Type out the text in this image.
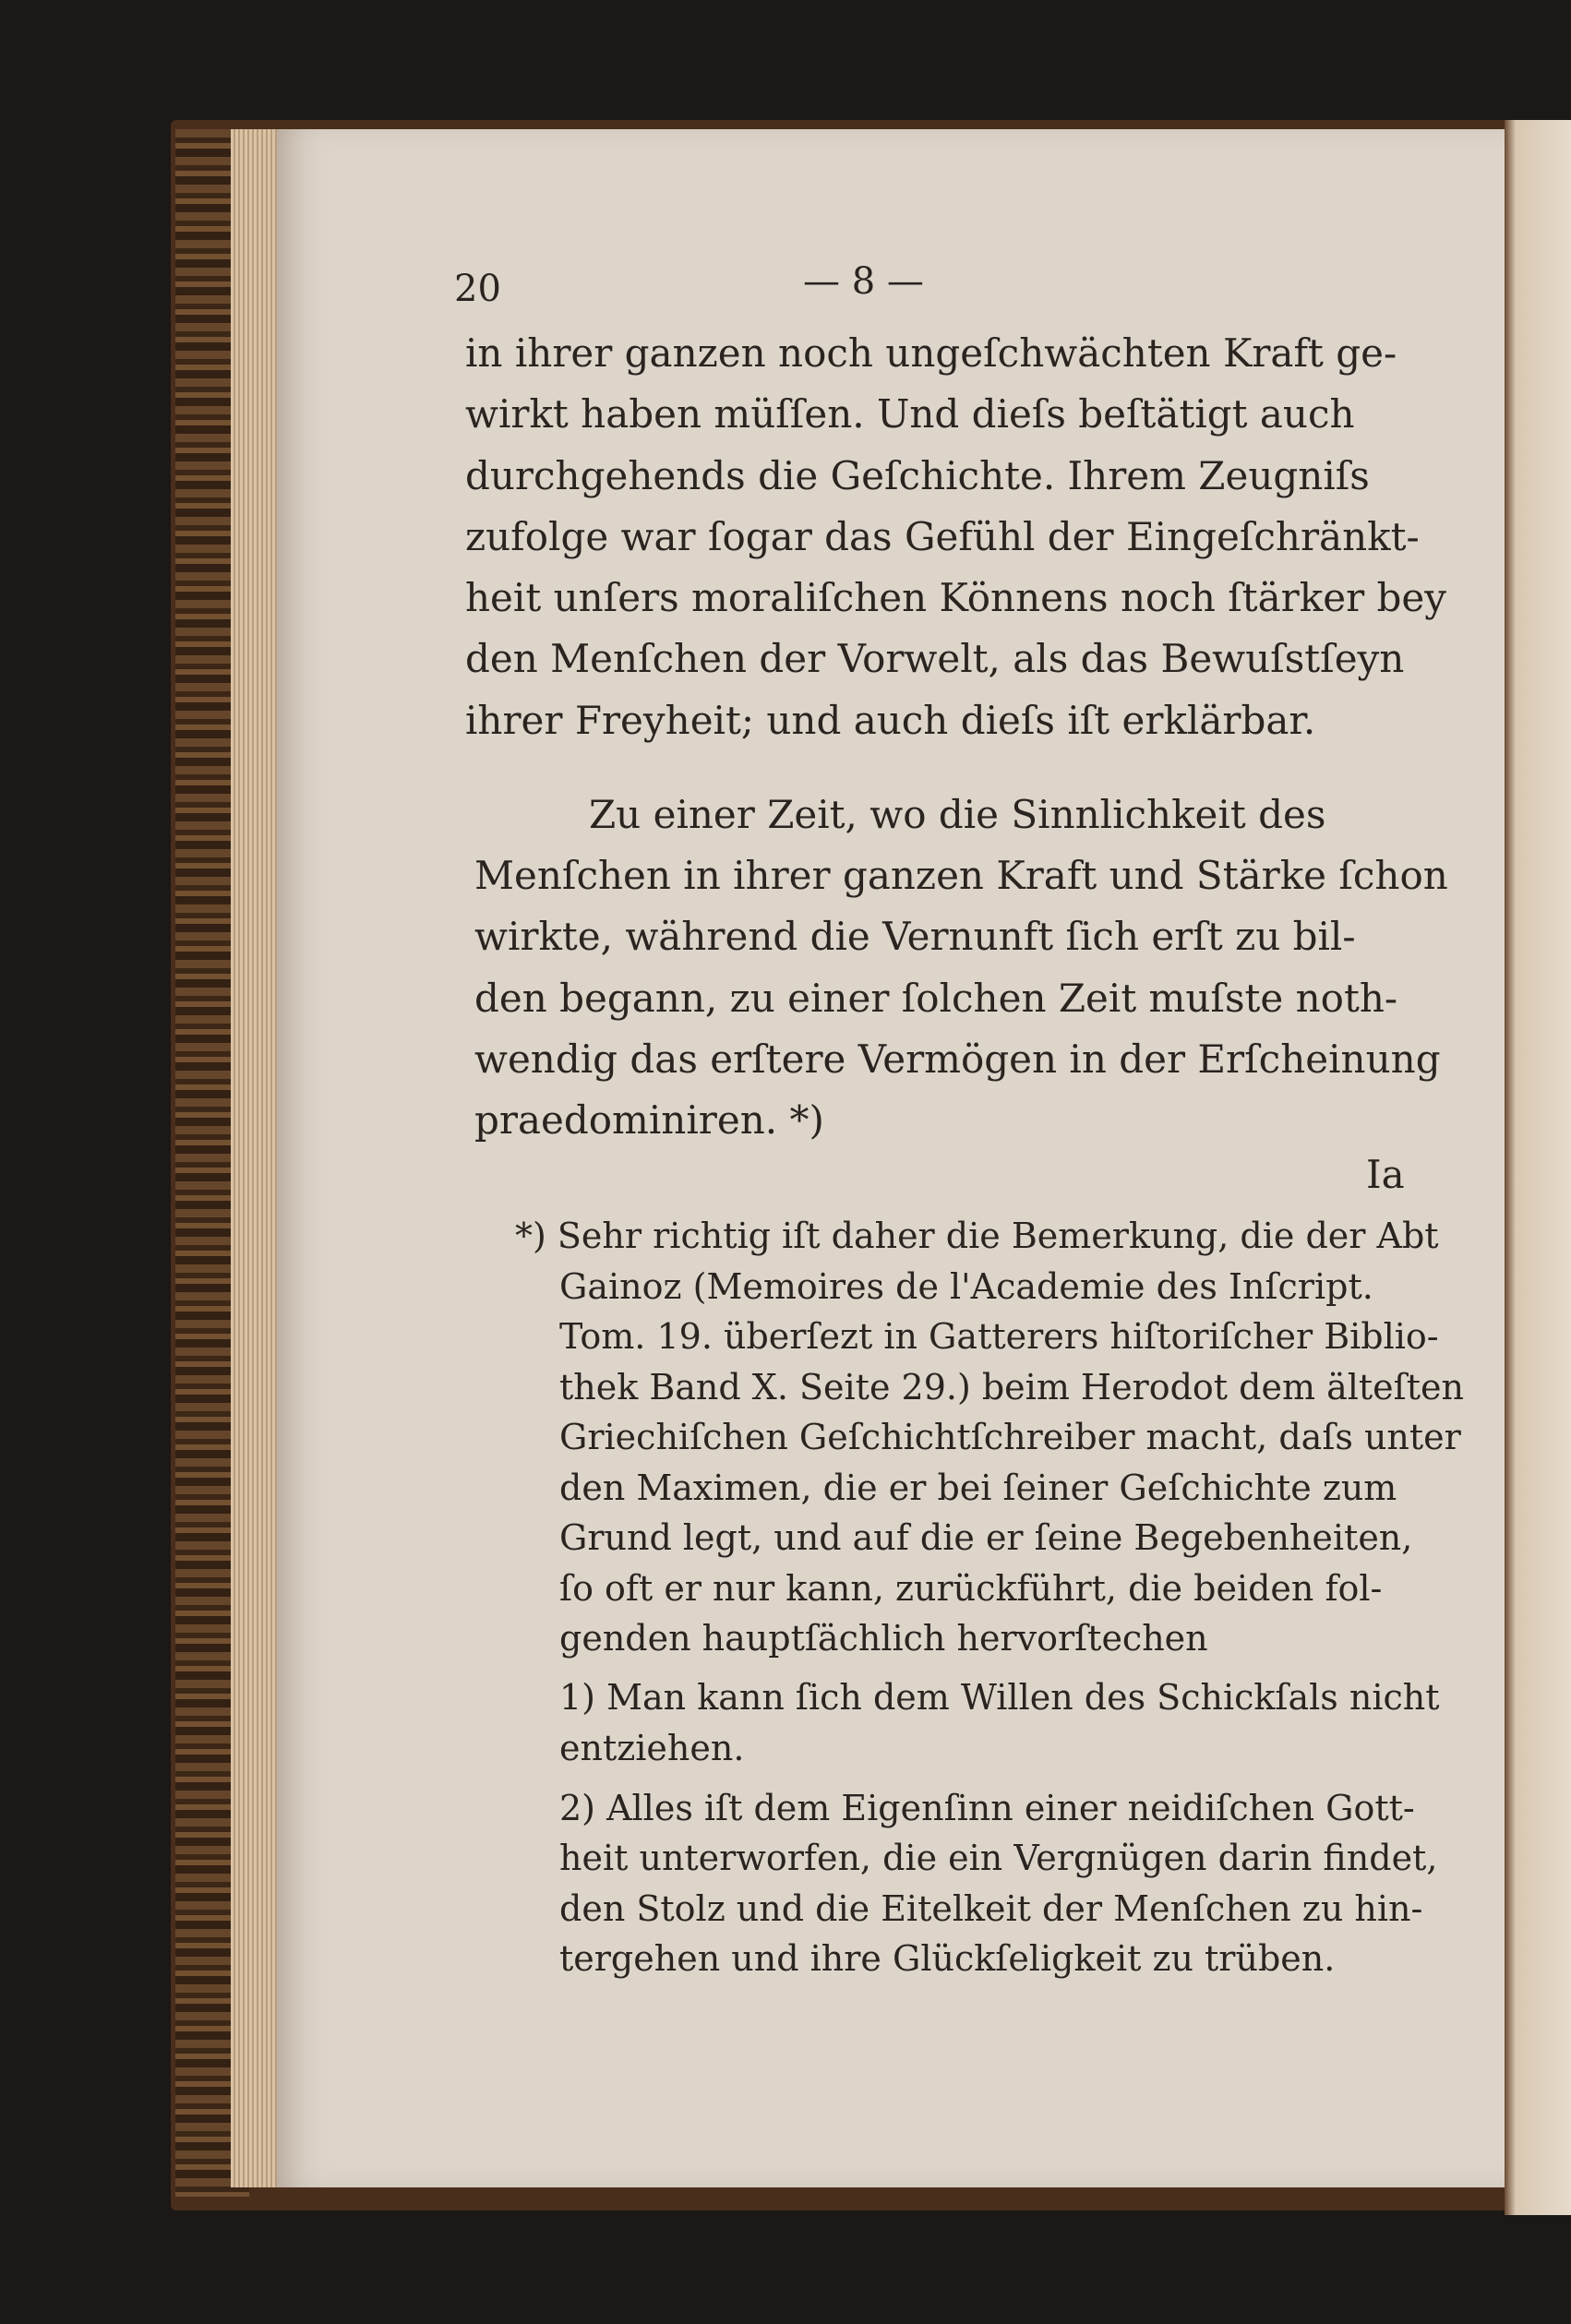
20	— 8 —
in ihrer ganzen noch ungeſchwächten Kraft ge-
wirkt haben müſſen. Und dieſs beſtätigt auch
durchgehends die Geſchichte. Ihrem Zeugniſs
zufolge war ſogar das Gefühl der Eingeſchränkt-
heit unſers moraliſchen Könnens noch ſtärker bey
den Menſchen der Vorwelt, als das Bewuſstſeyn
ihrer Freyheit; und auch dieſs iſt erklärbar.
Zu einer Zeit, wo die Sinnlichkeit des
Menſchen in ihrer ganzen Kraft und Stärke ſchon
wirkte, während die Vernunft ſich erſt zu bil-
den begann, zu einer ſolchen Zeit muſste noth-
wendig das erſtere Vermögen in der Erſcheinung
praedominiren. *)
Ia
*) Sehr richtig iſt daher die Bemerkung, die der Abt
Gainoz (Memoires de l'Academie des Inſcript.
Tom. 19. überſezt in Gatterers hiſtoriſcher Biblio-
thek Band X. Seite 29.) beim Herodot dem älteſten
Griechiſchen Geſchichtſchreiber macht, daſs unter
den Maximen, die er bei ſeiner Geſchichte zum
Grund legt, und auf die er ſeine Begebenheiten,
ſo oft er nur kann, zurückführt, die beiden fol-
genden hauptſächlich hervorſtechen
1) Man kann ſich dem Willen des Schickſals nicht
entziehen.
2) Alles iſt dem Eigenſinn einer neidiſchen Gott-
heit unterworfen, die ein Vergnügen darin findet,
den Stolz und die Eitelkeit der Menſchen zu hin-
tergehen und ihre Glückſeligkeit zu trüben.
